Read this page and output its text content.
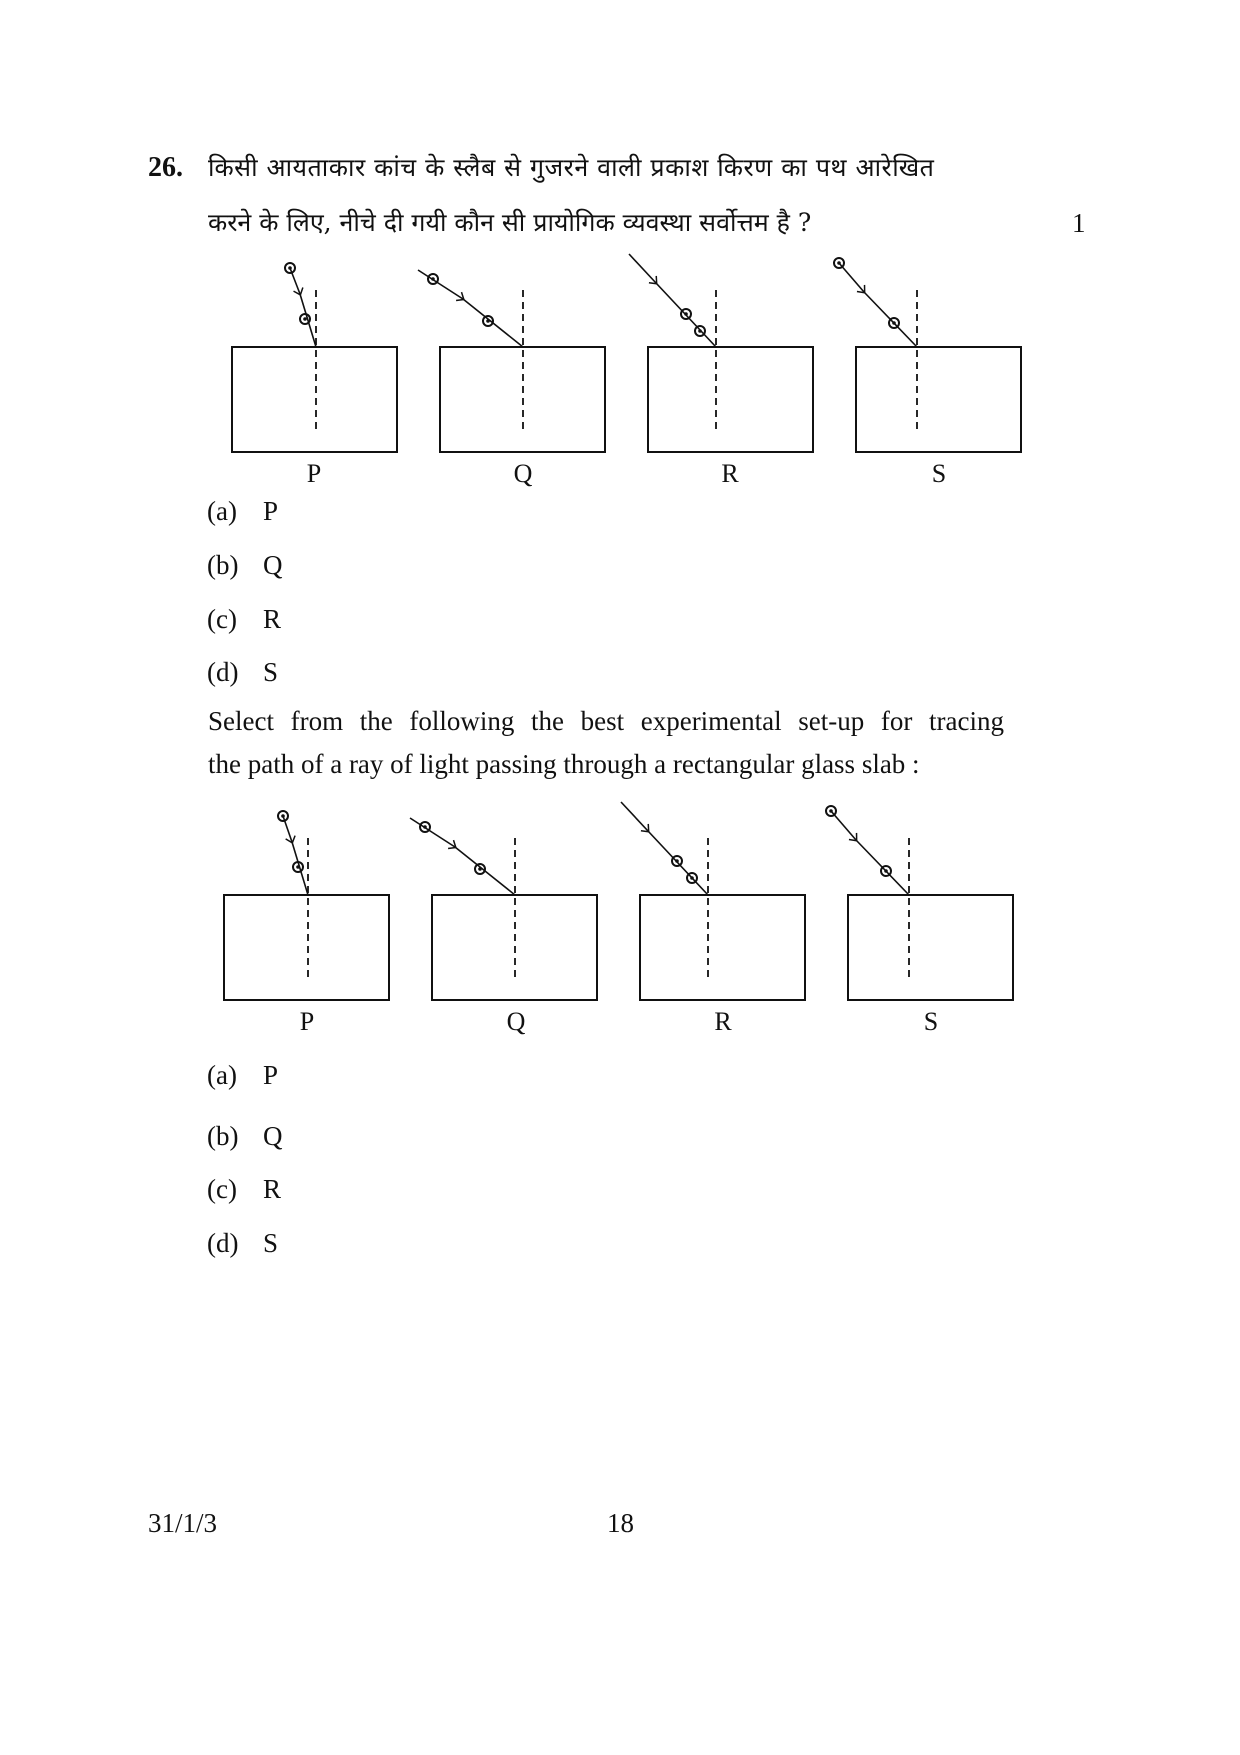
26. किसी आयताकार कांच के स्लैब से गुजरने वाली प्रकाश किरण का पथ आरेखित
करने के लिए, नीचे दी गयी कौन सी प्रायोगिक व्यवस्था सर्वोत्तम है ?	1
P	Q	R	S
P	Q	R	S
(a) P
(b) Q
(c) R
(d) S
Select from the following the best experimental set-up for tracing
the path of a ray of light passing through a rectangular glass slab :
(a) P
(b) Q
(c) R
(d) S
31/1/3	18
